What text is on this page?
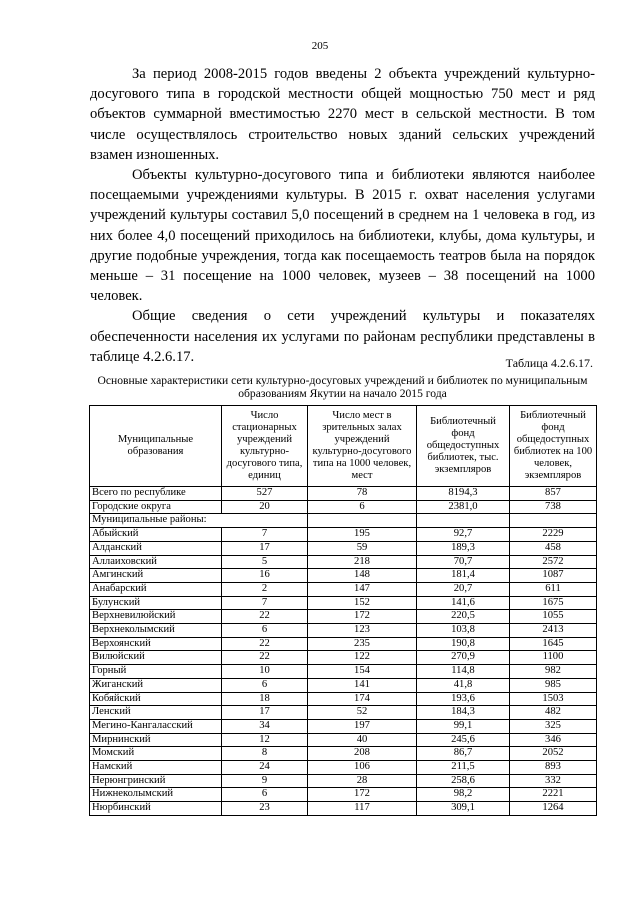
205

За период 2008-2015 годов введены 2 объекта учреждений культурно-досугового типа в городской местности общей мощностью 750 мест и ряд объектов суммарной вместимостью 2270 мест в сельской местности. В том числе осуществлялось строительство новых зданий сельских учреждений взамен изношенных.

Объекты культурно-досугового типа и библиотеки являются наиболее посещаемыми учреждениями культуры. В 2015 г. охват населения услугами учреждений культуры составил 5,0 посещений в среднем на 1 человека в год, из них более 4,0 посещений приходилось на библиотеки, клубы, дома культуры, и другие подобные учреждения, тогда как посещаемость театров была на порядок меньше – 31 посещение на 1000 человек, музеев – 38 посещений на 1000 человек.

Общие сведения о сети учреждений культуры и показателях обеспеченности населения их услугами по районам республики представлены в таблице 4.2.6.17.	Таблица 4.2.6.17.
Основные характеристики сети культурно-досуговых учреждений и библиотек по муниципальным образованиям Якутии на начало 2015 года
Муниципальные образования	Число стационарных учреждений культурно-досугового типа, единиц	Число мест в зрительных залах учреждений культурно-досугового типа на 1000 человек, мест	Библиотечный фонд общедоступных библиотек, тыс. экземпляров	Библиотечный фонд общедоступных библиотек на 100 человек, экземпляров
Всего по республике	527	78	8194,3	857
Городские округа	20	6	2381,0	738
Муниципальные районы:				
Абыйский	7	195	92,7	2229
Алданский	17	59	189,3	458
Аллаиховский	5	218	70,7	2572
Амгинский	16	148	181,4	1087
Анабарский	2	147	20,7	611
Булунский	7	152	141,6	1675
Верхневилюйский	22	172	220,5	1055
Верхнеколымский	6	123	103,8	2413
Верхоянский	22	235	190,8	1645
Вилюйский	22	122	270,9	1100
Горный	10	154	114,8	982
Жиганский	6	141	41,8	985
Кобяйский	18	174	193,6	1503
Ленский	17	52	184,3	482
Мегино-Кангаласский	34	197	99,1	325
Мирнинский	12	40	245,6	346
Момский	8	208	86,7	2052
Намский	24	106	211,5	893
Нерюнгринский	9	28	258,6	332
Нижнеколымский	6	172	98,2	2221
Нюрбинский	23	117	309,1	1264
